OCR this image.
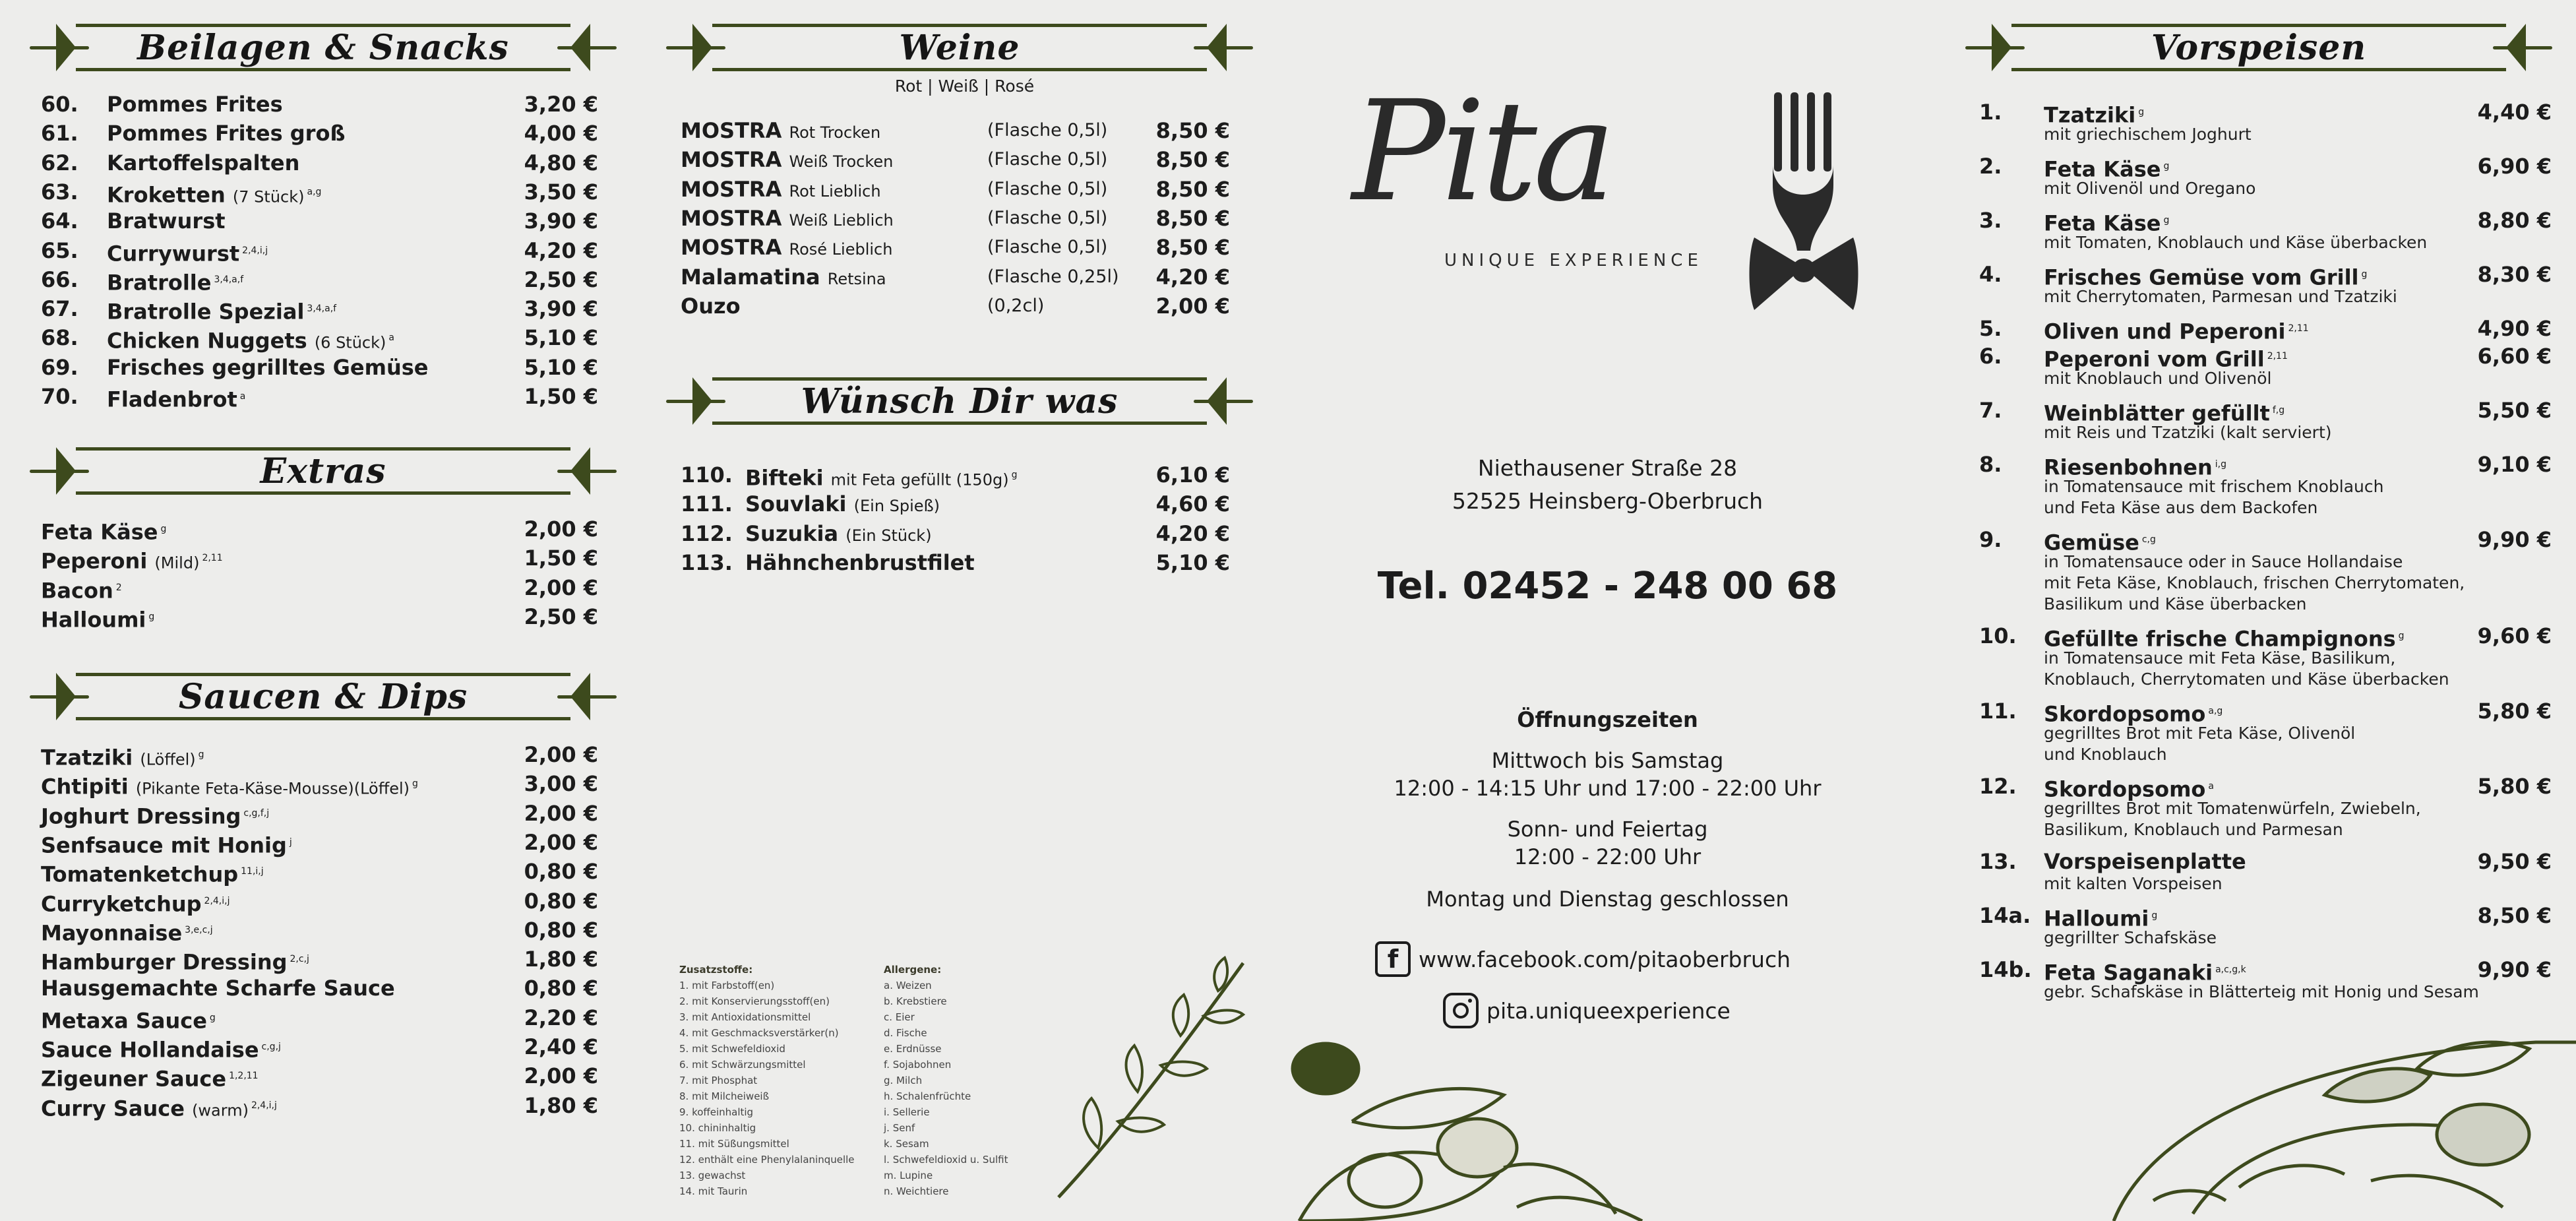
Beilagen & Snacks
60. Pommes Frites	3,20 €
61. Pommes Frites groß	4,00 €
62. Kartoffelspalten	4,80 €
63. Kroketten (7 Stück) $^{a,g}$	3,50 €
64. Bratwurst	3,90 €
65. Currywurst $^{2,4,i,j}$	4,20 €
66. Bratrolle $^{3,4,a,f}$	2,50 €
67. Bratrolle Spezial $^{3,4,a,f}$	3,90 €
68. Chicken Nuggets (6 Stück) $^a$	5,10 €
69. Frisches gegrilltes Gemüse	5,10 €
70. Fladenbrot $^a$	1,50 €
Extras
Feta Käse $^g$	2,00 €
Peperoni (Mild) $^{2,11}$	1,50 €
Bacon $^2$	2,00 €
Halloumi $^g$	2,50 €
Saucen & Dips
Tzatziki (Löffel) $^g$	2,00 €
Chtipiti (Pikante Feta-Käse-Mousse)(Löffel) $^g$	3,00 €
Joghurt Dressing $^{c,g,f,j}$	2,00 €
Senfsauce mit Honig $^j$	2,00 €
Tomatenketchup $^{11,i,j}$	0,80 €
Curryketchup $^{2,4,i,j}$	0,80 €
Mayonnaise $^{3,e,c,j}$	0,80 €
Hamburger Dressing $^{2,c,j}$	1,80 €
Hausgemachte Scharfe Sauce	0,80 €
Metaxa Sauce $^g$	2,20 €
Sauce Hollandaise $^{c,g,j}$	2,40 €
Zigeuner Sauce $^{1,2,11}$	2,00 €
Curry Sauce (warm) $^{2,4,i,j}$	1,80 €
Weine
Rot | Weiß | Rosé
MOSTRA Rot Trocken	(Flasche 0,5l) 8,50 €
MOSTRA Weiß Trocken	(Flasche 0,5l) 8,50 €
MOSTRA Rot Lieblich	(Flasche 0,5l) 8,50 €
MOSTRA Weiß Lieblich	(Flasche 0,5l) 8,50 €
MOSTRA Rosé Lieblich	(Flasche 0,5l) 8,50 €
Malamatina Retsina	(Flasche 0,25l) 4,20 €
Ouzo	(0,2cl)	2,00 €
Wünsch Dir was
110. Bifteki mit Feta gefüllt (150g) $^g$	6,10 €
111. Souvlaki (Ein Spieß)	4,60 €
112. Suzukia (Ein Stück)	4,20 €
113. Hähnchenbrustfilet	5,10 €
Zusatzstoffe:
1. mit Farbstoff(en)
2. mit Konservierungsstoff(en)
3. mit Antioxidationsmittel
4. mit Geschmacksverstärker(n)
5. mit Schwefeldioxid
6. mit Schwärzungsmittel
7. mit Phosphat
8. mit Milcheiweiß
9. koffeinhaltig
10. chininhaltig
11. mit Süßungsmittel
12. enthält eine Phenylalaninquelle
13. gewachst
14. mit Taurin
Allergene:
a. Weizen
b. Krebstiere
c. Eier
d. Fische
e. Erdnüsse
f. Sojabohnen
g. Milch
h. Schalenfrüchte
i. Sellerie
j. Senf
k. Sesam
l. Schwefeldioxid u. Sulfit
m. Lupine
n. Weichtiere
Pita
UNIQUE EXPERIENCE
Niethausener Straße 28
52525 Heinsberg-Oberbruch
Tel. 02452 - 248 00 68
Öffnungszeiten
Mittwoch bis Samstag
12:00 - 14:15 Uhr und 17:00 - 22:00 Uhr
Sonn- und Feiertag
12:00 - 22:00 Uhr
Montag und Dienstag geschlossen
f www.facebook.com/pitaoberbruch
pita.uniqueexperience
Vorspeisen
1. Tzatziki $^g$	4,40 €
mit griechischem Joghurt
2. Feta Käse $^g$	6,90 €
mit Olivenöl und Oregano
3. Feta Käse $^g$	8,80 €
mit Tomaten, Knoblauch und Käse überbacken
4. Frisches Gemüse vom Grill $^g$	8,30 €
mit Cherrytomaten, Parmesan und Tzatziki
5. Oliven und Peperoni $^{2,11}$	4,90 €
6. Peperoni vom Grill $^{2,11}$	6,60 €
mit Knoblauch und Olivenöl
7. Weinblätter gefüllt $^{f,g}$	5,50 €
mit Reis und Tzatziki (kalt serviert)
8. Riesenbohnen $^{i,g}$	9,10 €
in Tomatensauce mit frischem Knoblauch
und Feta Käse aus dem Backofen
9. Gemüse $^{c,g}$	9,90 €
in Tomatensauce oder in Sauce Hollandaise
mit Feta Käse, Knoblauch, frischen Cherrytomaten,
Basilikum und Käse überbacken
10. Gefüllte frische Champignons $^g$	9,60 €
in Tomatensauce mit Feta Käse, Basilikum,
Knoblauch, Cherrytomaten und Käse überbacken
11. Skordopsomo $^{a,g}$	5,80 €
gegrilltes Brot mit Feta Käse, Olivenöl
und Knoblauch
12. Skordopsomo $^a$	5,80 €
gegrilltes Brot mit Tomatenwürfeln, Zwiebeln,
Basilikum, Knoblauch und Parmesan
13. Vorspeisenplatte	9,50 €
mit kalten Vorspeisen
14a. Halloumi $^g$	8,50 €
gegrillter Schafskäse
14b. Feta Saganaki $^{a,c,g,k}$	9,90 €
gebr. Schafskäse in Blätterteig mit Honig und Sesam
